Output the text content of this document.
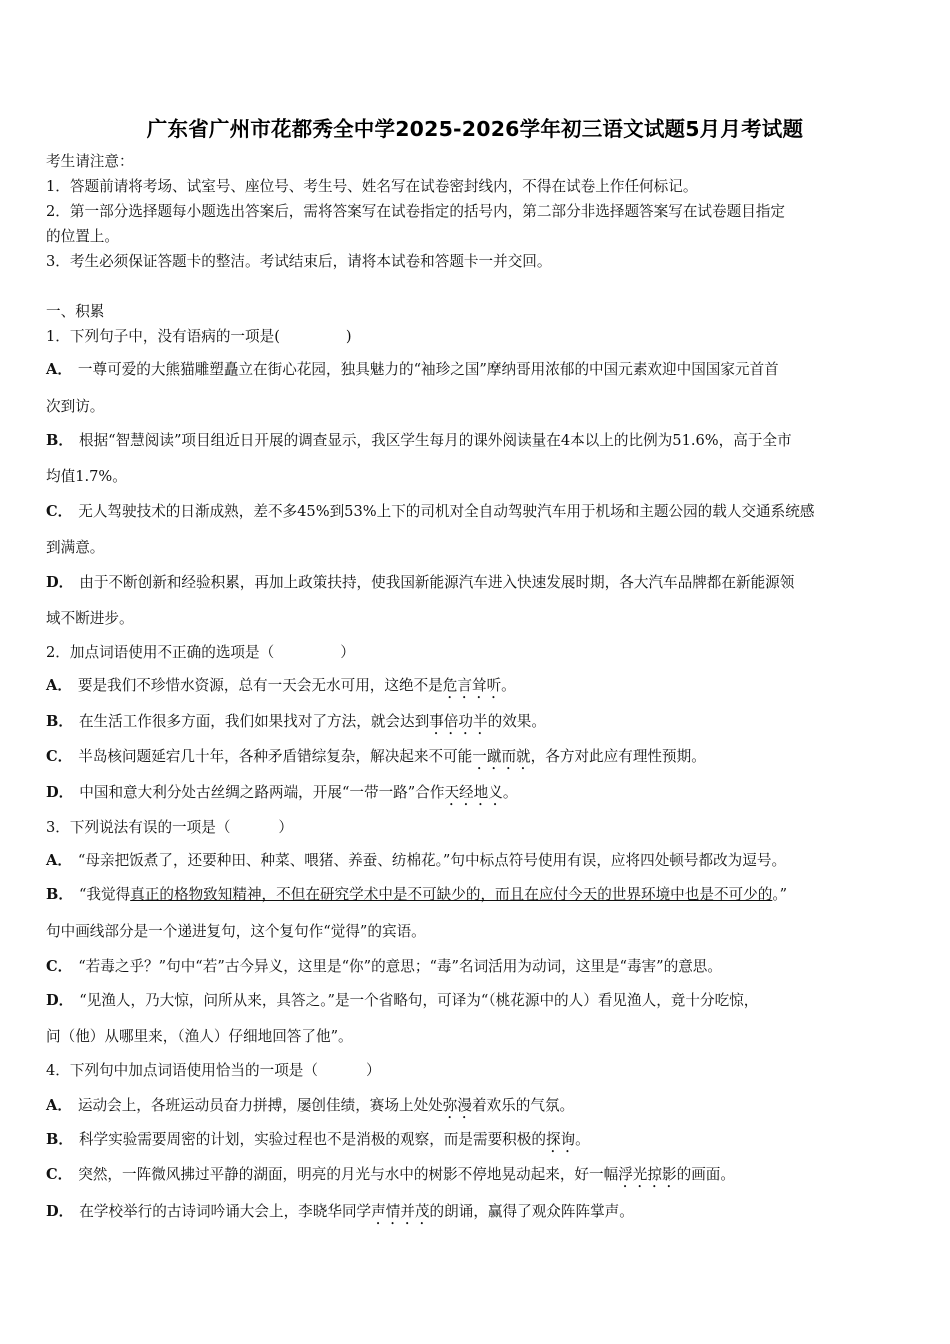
广东省广州市花都秀全中学2025-2026学年初三语文试题5月月考试题
考生请注意：
1．答题前请将考场、试室号、座位号、考生号、姓名写在试卷密封线内，不得在试卷上作任何标记。
2．第一部分选择题每小题选出答案后，需将答案写在试卷指定的括号内，第二部分非选择题答案写在试卷题目指定
的位置上。
3．考生必须保证答题卡的整洁。考试结束后，请将本试卷和答题卡一并交回。
一、积累
1．下列句子中，没有语病的一项是(	)
A． 一尊可爱的大熊猫雕塑矗立在街心花园，独具魅力的“袖珍之国”摩纳哥用浓郁的中国元素欢迎中国国家元首首
次到访。
B． 根据“智慧阅读”项目组近日开展的调查显示，我区学生每月的课外阅读量在4本以上的比例为51.6%，高于全市
均值1.7%。
C． 无人驾驶技术的日渐成熟，差不多45%到53%上下的司机对全自动驾驶汽车用于机场和主题公园的载人交通系统感
到满意。
D． 由于不断创新和经验积累，再加上政策扶持，使我国新能源汽车进入快速发展时期，各大汽车品牌都在新能源领
域不断进步。
2．加点词语使用不正确的选项是（	）
A． 要是我们不珍惜水资源，总有一天会无水可用，这绝不是危言耸听。
B． 在生活工作很多方面，我们如果找对了方法，就会达到事倍功半的效果。
C． 半岛核问题延宕几十年，各种矛盾错综复杂，解决起来不可能一蹴而就，各方对此应有理性预期。
D． 中国和意大利分处古丝绸之路两端，开展“一带一路”合作天经地义。
3．下列说法有误的一项是（	）
A． “母亲把饭煮了，还要种田、种菜、喂猪、养蚕、纺棉花。”句中标点符号使用有误，应将四处顿号都改为逗号。
B． “我觉得真正的格物致知精神，不但在研究学术中是不可缺少的，而且在应付今天的世界环境中也是不可少的。”
句中画线部分是一个递进复句，这个复句作“觉得”的宾语。
C． “若毒之乎？”句中“若”古今异义，这里是“你”的意思；“毒”名词活用为动词，这里是“毒害”的意思。
D． “见渔人，乃大惊，问所从来，具答之。”是一个省略句，可译为“（桃花源中的人）看见渔人，竟十分吃惊，
问（他）从哪里来，（渔人）仔细地回答了他”。
4．下列句中加点词语使用恰当的一项是（	）
A． 运动会上，各班运动员奋力拼搏，屡创佳绩，赛场上处处弥漫着欢乐的气氛。
B． 科学实验需要周密的计划，实验过程也不是消极的观察，而是需要积极的探询。
C． 突然，一阵微风拂过平静的湖面，明亮的月光与水中的树影不停地晃动起来，好一幅浮光掠影的画面。
D． 在学校举行的古诗词吟诵大会上，李晓华同学声情并茂的朗诵，赢得了观众阵阵掌声。
